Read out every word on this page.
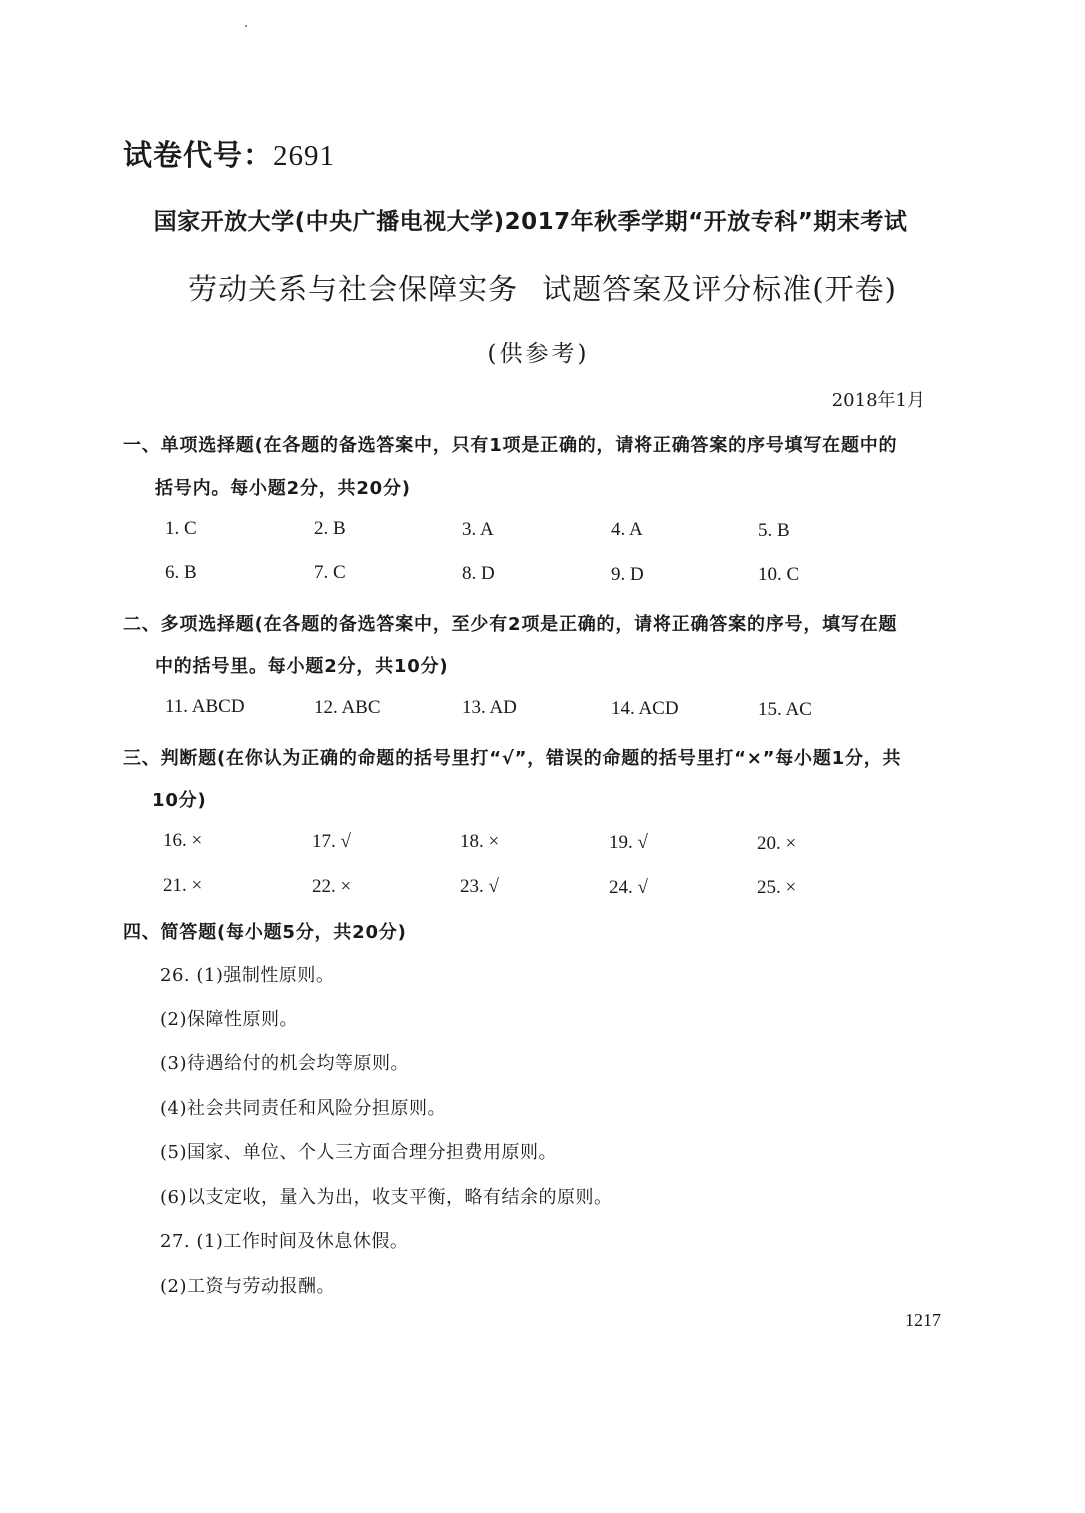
试卷代号：2691
国家开放大学(中央广播电视大学)2017年秋季学期“开放专科”期末考试
劳动关系与社会保障实务 试题答案及评分标准(开卷)
(供参考)
2018年1月
一、单项选择题(在各题的备选答案中，只有1项是正确的，请将正确答案的序号填写在题中的
括号内。每小题2分，共20分)
1. C	2. B	3. A	4. A	5. B
6. B	7. C	8. D	9. D	10. C
二、多项选择题(在各题的备选答案中，至少有2项是正确的，请将正确答案的序号，填写在题
中的括号里。每小题2分，共10分)
11. ABCD	12. ABC	13. AD	14. ACD	15. AC
三、判断题(在你认为正确的命题的括号里打“√”，错误的命题的括号里打“×”每小题1分，共
10分)
16. ×	17. √	18. ×	19. √	20. ×
21. ×	22. ×	23. √	24. √	25. ×
四、简答题(每小题5分，共20分)
26. (1)强制性原则。
(2)保障性原则。
(3)待遇给付的机会均等原则。
(4)社会共同责任和风险分担原则。
(5)国家、单位、个人三方面合理分担费用原则。
(6)以支定收，量入为出，收支平衡，略有结余的原则。
27. (1)工作时间及休息休假。
(2)工资与劳动报酬。
1217
